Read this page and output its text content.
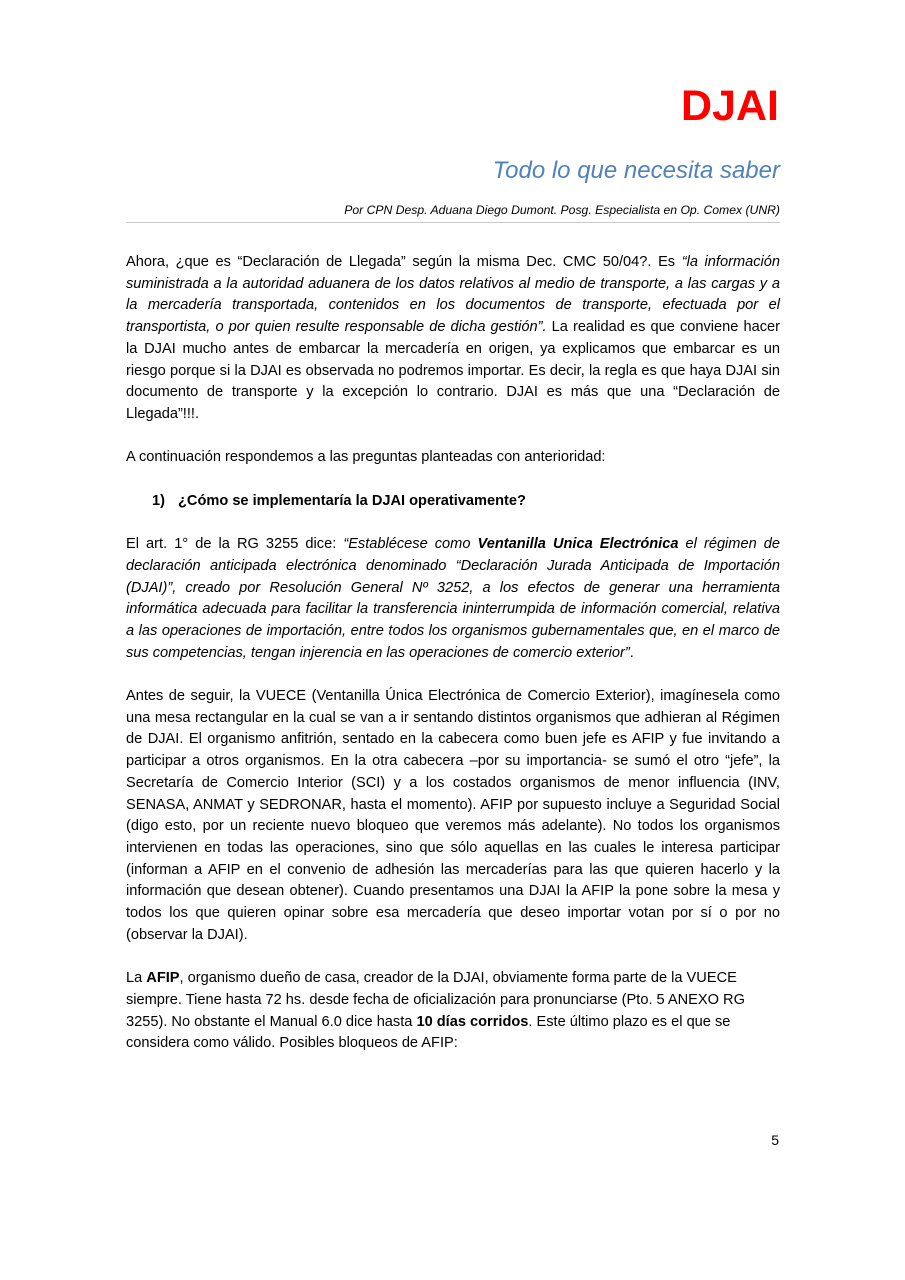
DJAI
Todo lo que necesita saber
Por CPN Desp. Aduana Diego Dumont. Posg. Especialista en Op. Comex (UNR)

Ahora, ¿que es “Declaración de Llegada” según la misma Dec. CMC 50/04?. Es “la información suministrada a la autoridad aduanera de los datos relativos al medio de transporte, a las cargas y a la mercadería transportada, contenidos en los documentos de transporte, efectuada por el transportista, o por quien resulte responsable de dicha gestión”. La realidad es que conviene hacer la DJAI mucho antes de embarcar la mercadería en origen, ya explicamos que embarcar es un riesgo porque si la DJAI es observada no podremos importar. Es decir, la regla es que haya DJAI sin documento de transporte y la excepción lo contrario. DJAI es más que una “Declaración de Llegada”!!!.

A continuación respondemos a las preguntas planteadas con anterioridad:

1) ¿Cómo se implementaría la DJAI operativamente?

El art. 1° de la RG 3255 dice: “Establécese como Ventanilla Unica Electrónica el régimen de declaración anticipada electrónica denominado “Declaración Jurada Anticipada de Importación (DJAI)”, creado por Resolución General Nº 3252, a los efectos de generar una herramienta informática adecuada para facilitar la transferencia ininterrumpida de información comercial, relativa a las operaciones de importación, entre todos los organismos gubernamentales que, en el marco de sus competencias, tengan injerencia en las operaciones de comercio exterior”.

Antes de seguir, la VUECE (Ventanilla Única Electrónica de Comercio Exterior), imagínesela como una mesa rectangular en la cual se van a ir sentando distintos organismos que adhieran al Régimen de DJAI. El organismo anfitrión, sentado en la cabecera como buen jefe es AFIP y fue invitando a participar a otros organismos. En la otra cabecera –por su importancia- se sumó el otro “jefe”, la Secretaría de Comercio Interior (SCI) y a los costados organismos de menor influencia (INV, SENASA, ANMAT y SEDRONAR, hasta el momento). AFIP por supuesto incluye a Seguridad Social (digo esto, por un reciente nuevo bloqueo que veremos más adelante). No todos los organismos intervienen en todas las operaciones, sino que sólo aquellas en las cuales le interesa participar (informan a AFIP en el convenio de adhesión las mercaderías para las que quieren hacerlo y la información que desean obtener). Cuando presentamos una DJAI la AFIP la pone sobre la mesa y todos los que quieren opinar sobre esa mercadería que deseo importar votan por sí o por no (observar la DJAI).

La AFIP, organismo dueño de casa, creador de la DJAI, obviamente forma parte de la VUECE siempre. Tiene hasta 72 hs. desde fecha de oficialización para pronunciarse (Pto. 5 ANEXO RG 3255). No obstante el Manual 6.0 dice hasta 10 días corridos. Este último plazo es el que se considera como válido. Posibles bloqueos de AFIP:

5
